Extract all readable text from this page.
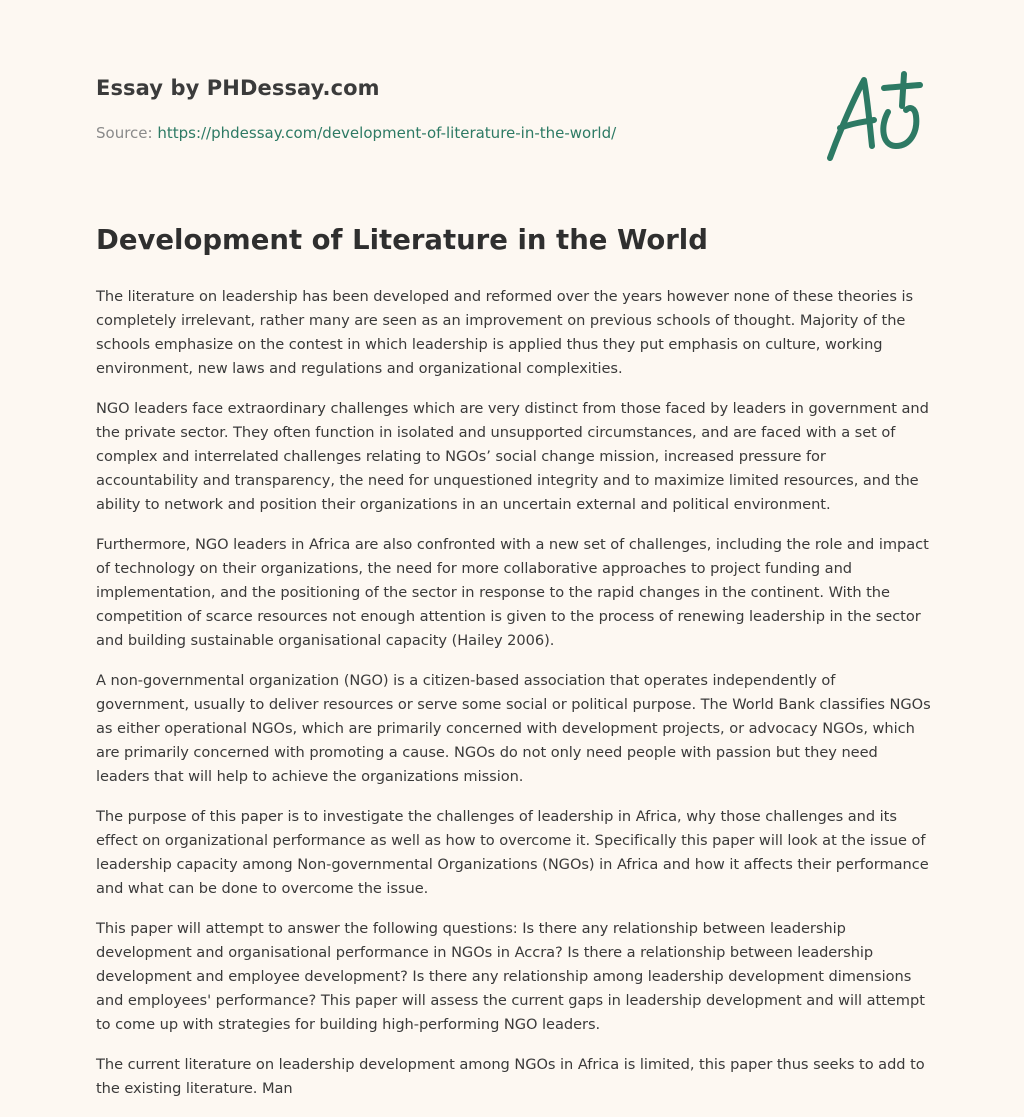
Essay by PHDessay.com

Source: https://phdessay.com/development-of-literature-in-the-world/

Development of Literature in the World

The literature on leadership has been developed and reformed over the years however none of these theories is completely irrelevant, rather many are seen as an improvement on previous schools of thought. Majority of the schools emphasize on the contest in which leadership is applied thus they put emphasis on culture, working environment, new laws and regulations and organizational complexities.

NGO leaders face extraordinary challenges which are very distinct from those faced by leaders in government and the private sector. They often function in isolated and unsupported circumstances, and are faced with a set of complex and interrelated challenges relating to NGOs’ social change mission, increased pressure for accountability and transparency, the need for unquestioned integrity and to maximize limited resources, and the ability to network and position their organizations in an uncertain external and political environment.

Furthermore, NGO leaders in Africa are also confronted with a new set of challenges, including the role and impact of technology on their organizations, the need for more collaborative approaches to project funding and implementation, and the positioning of the sector in response to the rapid changes in the continent. With the competition of scarce resources not enough attention is given to the process of renewing leadership in the sector and building sustainable organisational capacity (Hailey 2006).

A non-governmental organization (NGO) is a citizen-based association that operates independently of government, usually to deliver resources or serve some social or political purpose. The World Bank classifies NGOs as either operational NGOs, which are primarily concerned with development projects, or advocacy NGOs, which are primarily concerned with promoting a cause. NGOs do not only need people with passion but they need leaders that will help to achieve the organizations mission.

The purpose of this paper is to investigate the challenges of leadership in Africa, why those challenges and its effect on organizational performance as well as how to overcome it. Specifically this paper will look at the issue of leadership capacity among Non-governmental Organizations (NGOs) in Africa and how it affects their performance and what can be done to overcome the issue.

This paper will attempt to answer the following questions: Is there any relationship between leadership development and organisational performance in NGOs in Accra? Is there a relationship between leadership development and employee development? Is there any relationship among leadership development dimensions and employees' performance? This paper will assess the current gaps in leadership development and will attempt to come up with strategies for building high-performing NGO leaders.

The current literature on leadership development among NGOs in Africa is limited, this paper thus seeks to add to the existing literature. Man
